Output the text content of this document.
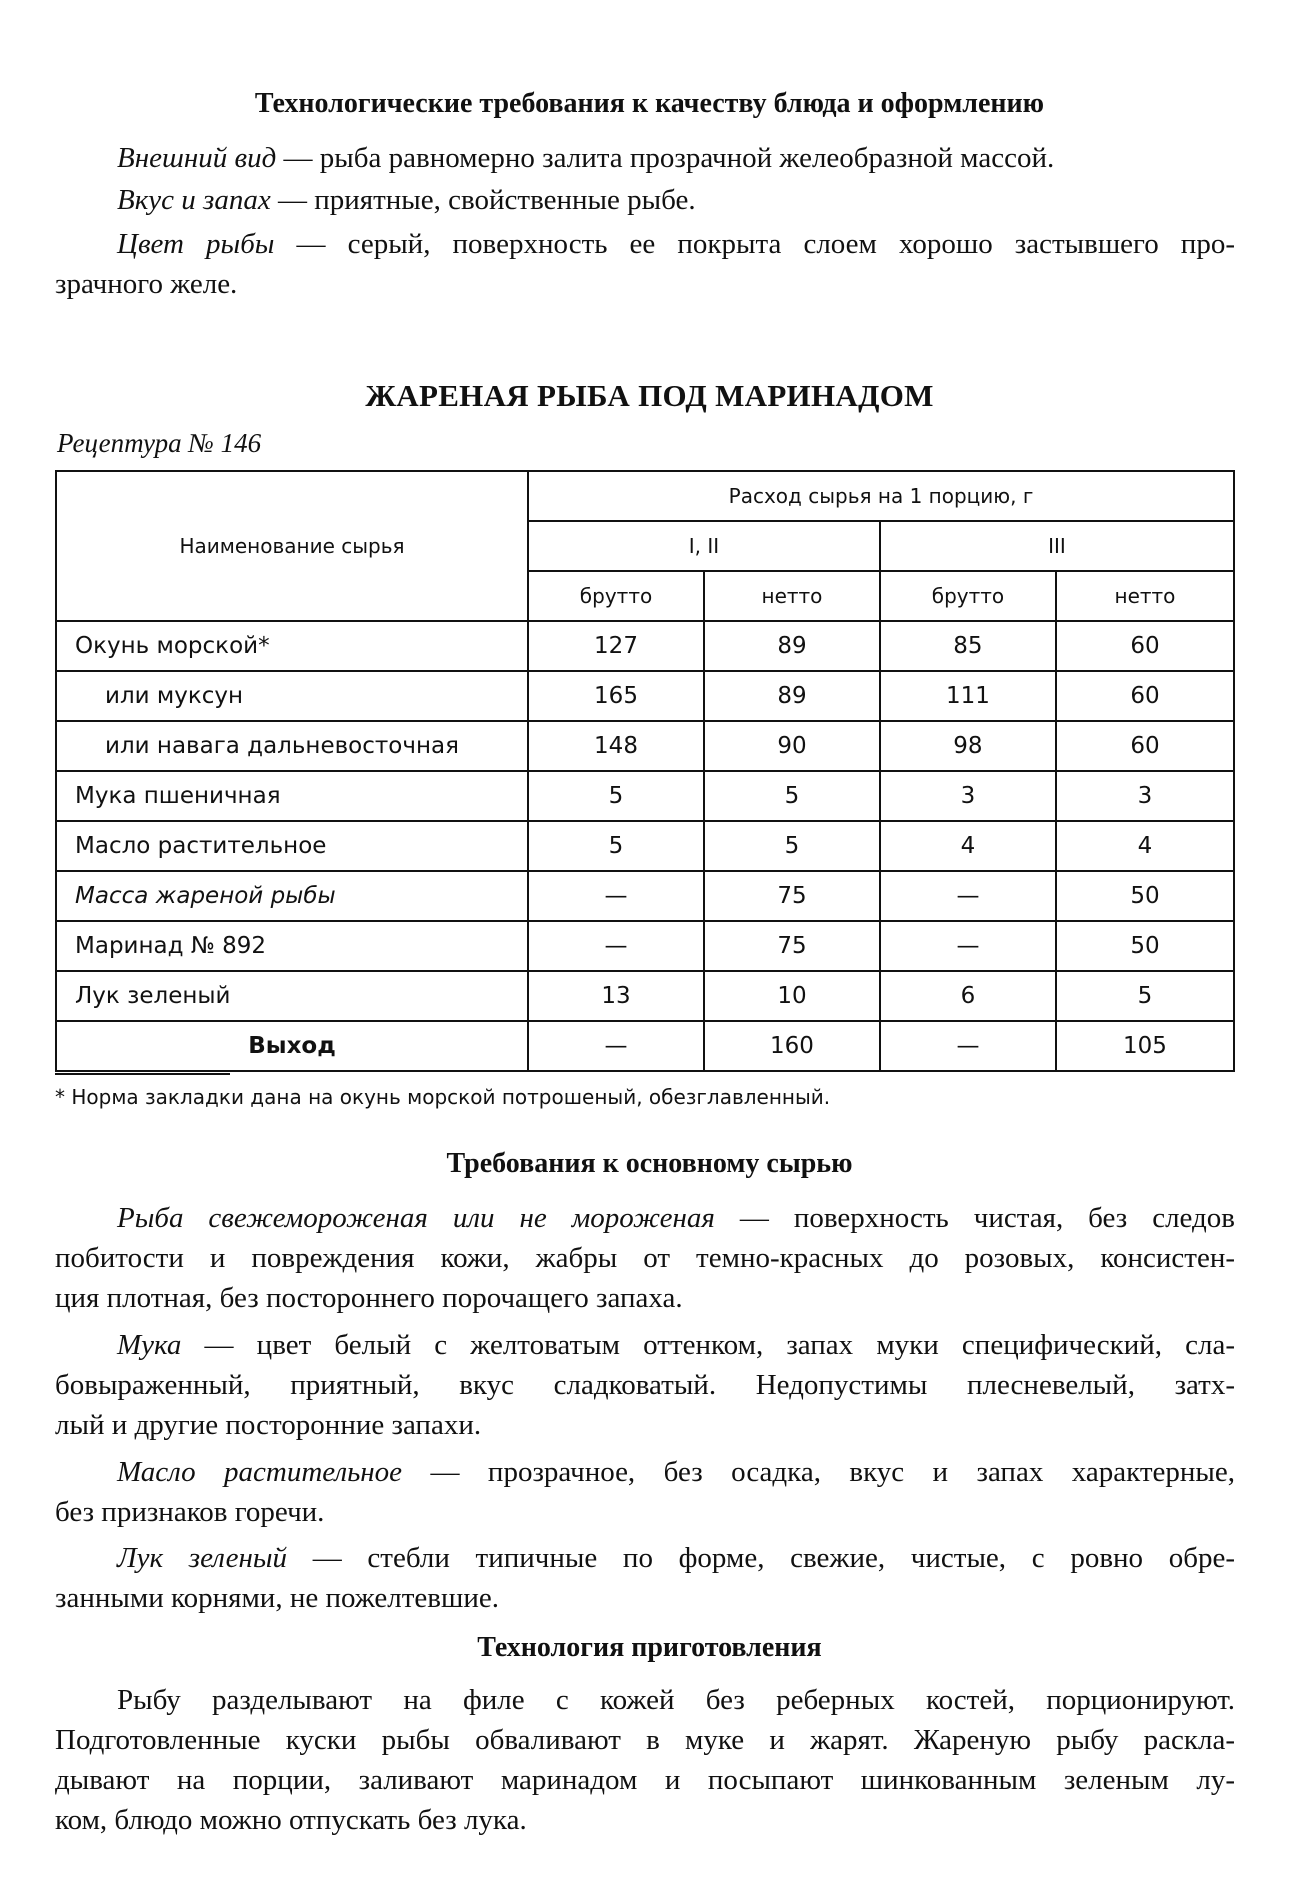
Технологические требования к качеству блюда и оформлению
Внешний вид — рыба равномерно залита прозрачной желеобразной массой.
Вкус и запах — приятные, свойственные рыбе.
Цвет рыбы — серый, поверхность ее покрыта слоем хорошо застывшего про-
зрачного желе.
ЖАРЕНАЯ РЫБА ПОД МАРИНАДОМ
Рецептура № 146
Наименование сырья	Расход сырья на 1 порцию, г			
	I, II		III	
	брутто	нетто	брутто	нетто
Окунь морской*	127	89	85	60
или муксун	165	89	111	60
или навага дальневосточная	148	90	98	60
Мука пшеничная	5	5	3	3
Масло растительное	5	5	4	4
Масса жареной рыбы	—	75	—	50
Маринад № 892	—	75	—	50
Лук зеленый	13	10	6	5
Выход	—	160	—	105
* Норма закладки дана на окунь морской потрошеный, обезглавленный.
Требования к основному сырью
Рыба свежемороженая или не мороженая — поверхность чистая, без следов
побитости и повреждения кожи, жабры от темно-красных до розовых, консистен-
ция плотная, без постороннего порочащего запаха.
Мука — цвет белый с желтоватым оттенком, запах муки специфический, сла-
бовыраженный, приятный, вкус сладковатый. Недопустимы плесневелый, затх-
лый и другие посторонние запахи.
Масло растительное — прозрачное, без осадка, вкус и запах характерные,
без признаков горечи.
Лук зеленый — стебли типичные по форме, свежие, чистые, с ровно обре-
занными корнями, не пожелтевшие.
Технология приготовления
Рыбу разделывают на филе с кожей без реберных костей, порционируют.
Подготовленные куски рыбы обваливают в муке и жарят. Жареную рыбу раскла-
дывают на порции, заливают маринадом и посыпают шинкованным зеленым лу-
ком, блюдо можно отпускать без лука.
